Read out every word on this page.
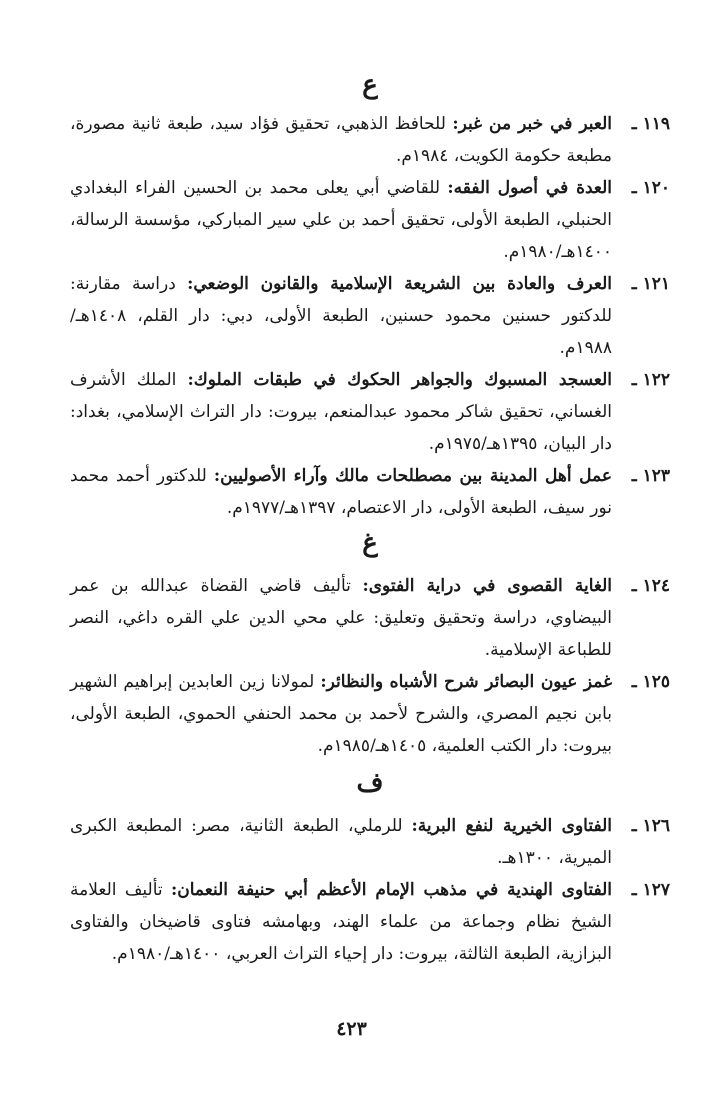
ع
١١٩ ـ
العبر في خبر من غبر: للحافظ الذهبي، تحقيق فؤاد سيد، طبعة ثانية مصورة، مطبعة حكومة الكويت، ١٩٨٤م.
١٢٠ ـ
العدة في أصول الفقه: للقاضي أبي يعلى محمد بن الحسين الفراء البغدادي الحنبلي، الطبعة الأولى، تحقيق أحمد بن علي سير المباركي، مؤسسة الرسالة، ١٤٠٠هـ/١٩٨٠م.
١٢١ ـ
العرف والعادة بين الشريعة الإسلامية والقانون الوضعي: دراسة مقارنة: للدكتور حسنين محمود حسنين، الطبعة الأولى، دبي: دار القلم، ١٤٠٨هـ/١٩٨٨م.
١٢٢ ـ
العسجد المسبوك والجواهر الحكوك في طبقات الملوك: الملك الأشرف الغساني، تحقيق شاكر محمود عبدالمنعم، بيروت: دار التراث الإسلامي، بغداد: دار البيان، ١٣٩٥هـ/١٩٧٥م.
١٢٣ ـ
عمل أهل المدينة بين مصطلحات مالك وآراء الأصوليين: للدكتور أحمد محمد نور سيف، الطبعة الأولى، دار الاعتصام، ١٣٩٧هـ/١٩٧٧م.
غ
١٢٤ ـ
الغاية القصوى في دراية الفتوى: تأليف قاضي القضاة عبدالله بن عمر البيضاوي، دراسة وتحقيق وتعليق: علي محي الدين علي القره داغي، النصر للطباعة الإسلامية.
١٢٥ ـ
غمز عيون البصائر شرح الأشباه والنظائر: لمولانا زين العابدين إبراهيم الشهير بابن نجيم المصري، والشرح لأحمد بن محمد الحنفي الحموي، الطبعة الأولى، بيروت: دار الكتب العلمية، ١٤٠٥هـ/١٩٨٥م.
ف
١٢٦ ـ
الفتاوى الخيرية لنفع البرية: للرملي، الطبعة الثانية، مصر: المطبعة الكبرى الميرية، ١٣٠٠هـ.
١٢٧ ـ
الفتاوى الهندية في مذهب الإمام الأعظم أبي حنيفة النعمان: تأليف العلامة الشيخ نظام وجماعة من علماء الهند، وبهامشه فتاوى قاضيخان والفتاوى البزازية، الطبعة الثالثة، بيروت: دار إحياء التراث العربي، ١٤٠٠هـ/١٩٨٠م.
٤٢٣
